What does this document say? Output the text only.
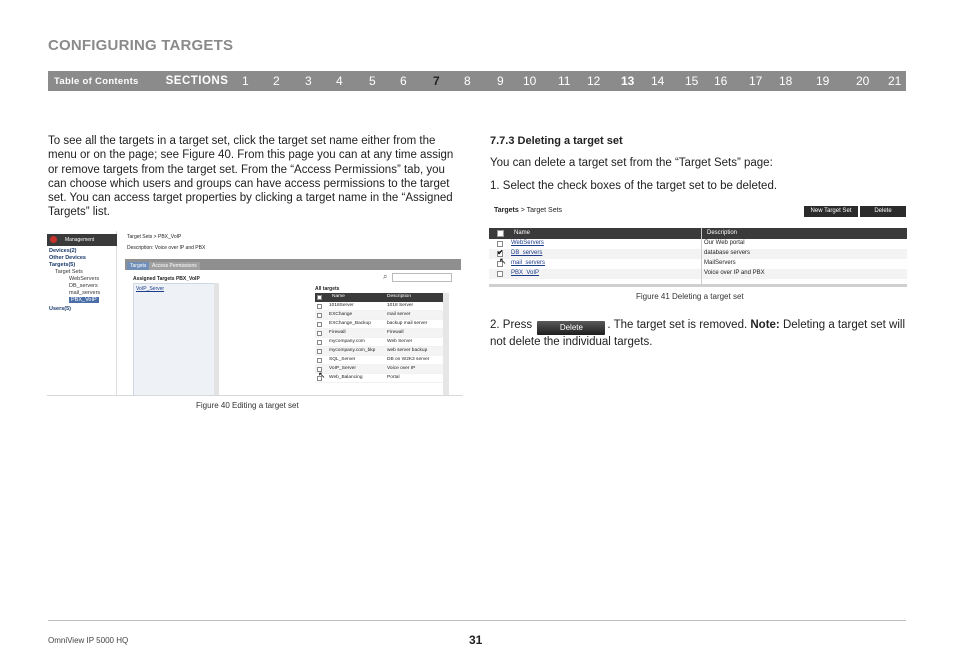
CONFIGURING TARGETS
Table of Contents SECTIONS 1 2 3 4 5 6 7 8 9 10 11 12 13 14 15 16 17 18 19 20 21

To see all the targets in a target set, click the target set name either from the menu or on the page; see Figure 40. From this page you can at any time assign or remove targets from the target set. From the “Access Permissions” tab, you can choose which users and groups can have access permissions to the target set. You can access target properties by clicking a target name in the “Assigned Targets” list.

Management
Devices(2)
Other Devices
Targets(5)
Target Sets
WebServers
DB_servers
mail_servers
PBX_VoIP
Users(5)
Target Sets > PBX_VoIP
Description: Voice over IP and PBX
Targets	Access Permissions
Assigned Targets PBX_VoIP
VoIP_Server	All targets
⌕
Name	Description
1018Server	1018 Server
EXChange	mail server
EXChange_Backup	backup mail server
Firewall	Firewall
mycompany.com	Web Server
mycompany.com_bkp web server backup
SQL_Server	DB on W2K3 server
VoIP_Server	Voice over IP
Web_Balancing	Portal
↖
Figure 40 Editing a target set
7.7.3 Deleting a target set

You can delete a target set from the “Target Sets” page:

1. Select the check boxes of the target set to be deleted.

Targets > Target Sets	New Target Set	Delete
Name	Description
WebServers	Our Web portal
DB_servers	database servers
mail_servers	MailServers
PBX_VoIP	Voice over IP and PBX
✔
↖
Figure 41 Deleting a target set

2. Press	Delete . The target set is removed. Note: Deleting a target set will not delete the individual targets.

OmniView IP 5000 HQ	31
